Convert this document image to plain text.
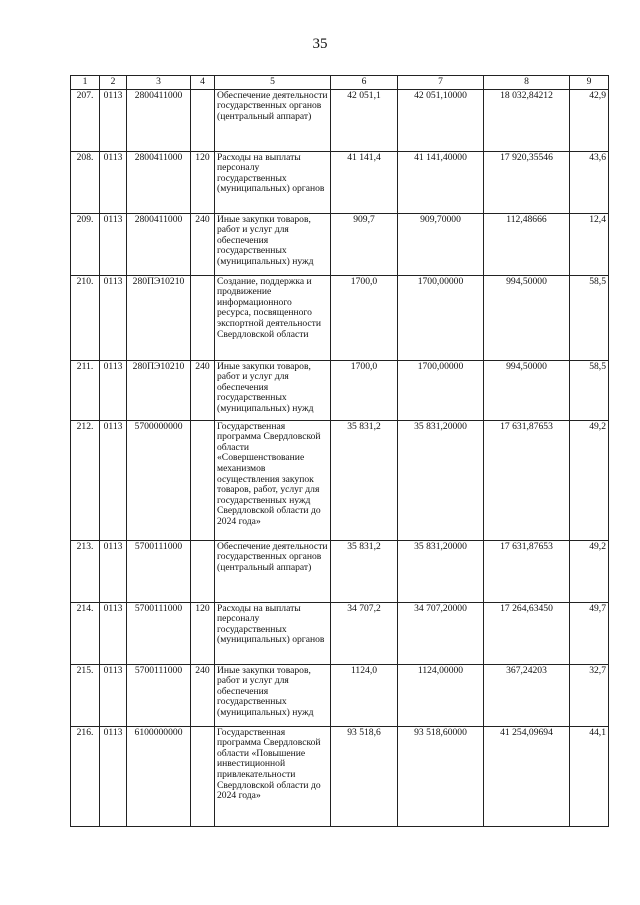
35
1	2	3	4	5	6	7	8	9
207.	0113	2800411000		Обеспечение деятельности государственных органов (центральный аппарат)	42 051,1	42 051,10000	18 032,84212	42,9
208.	0113	2800411000	120	Расходы на выплаты персоналу государственных (муниципальных) органов	41 141,4	41 141,40000	17 920,35546	43,6
209.	0113	2800411000	240	Иные закупки товаров, работ и услуг для обеспечения государственных (муниципальных) нужд	909,7	909,70000	112,48666	12,4
210.	0113	280ПЭ10210		Создание, поддержка и продвижение информационного ресурса, посвященного экспортной деятельности Свердловской области	1700,0	1700,00000	994,50000	58,5
211.	0113	280ПЭ10210	240	Иные закупки товаров, работ и услуг для обеспечения государственных (муниципальных) нужд	1700,0	1700,00000	994,50000	58,5
212.	0113	5700000000		Государственная программа Свердловской области «Совершенствование механизмов осуществления закупок товаров, работ, услуг для государственных нужд Свердловской области до 2024 года»	35 831,2	35 831,20000	17 631,87653	49,2
213.	0113	5700111000		Обеспечение деятельности государственных органов (центральный аппарат)	35 831,2	35 831,20000	17 631,87653	49,2
214.	0113	5700111000	120	Расходы на выплаты персоналу государственных (муниципальных) органов	34 707,2	34 707,20000	17 264,63450	49,7
215.	0113	5700111000	240	Иные закупки товаров, работ и услуг для обеспечения государственных (муниципальных) нужд	1124,0	1124,00000	367,24203	32,7
216.	0113	6100000000		Государственная программа Свердловской области «Повышение инвестиционной привлекательности Свердловской области до 2024 года»	93 518,6	93 518,60000	41 254,09694	44,1
